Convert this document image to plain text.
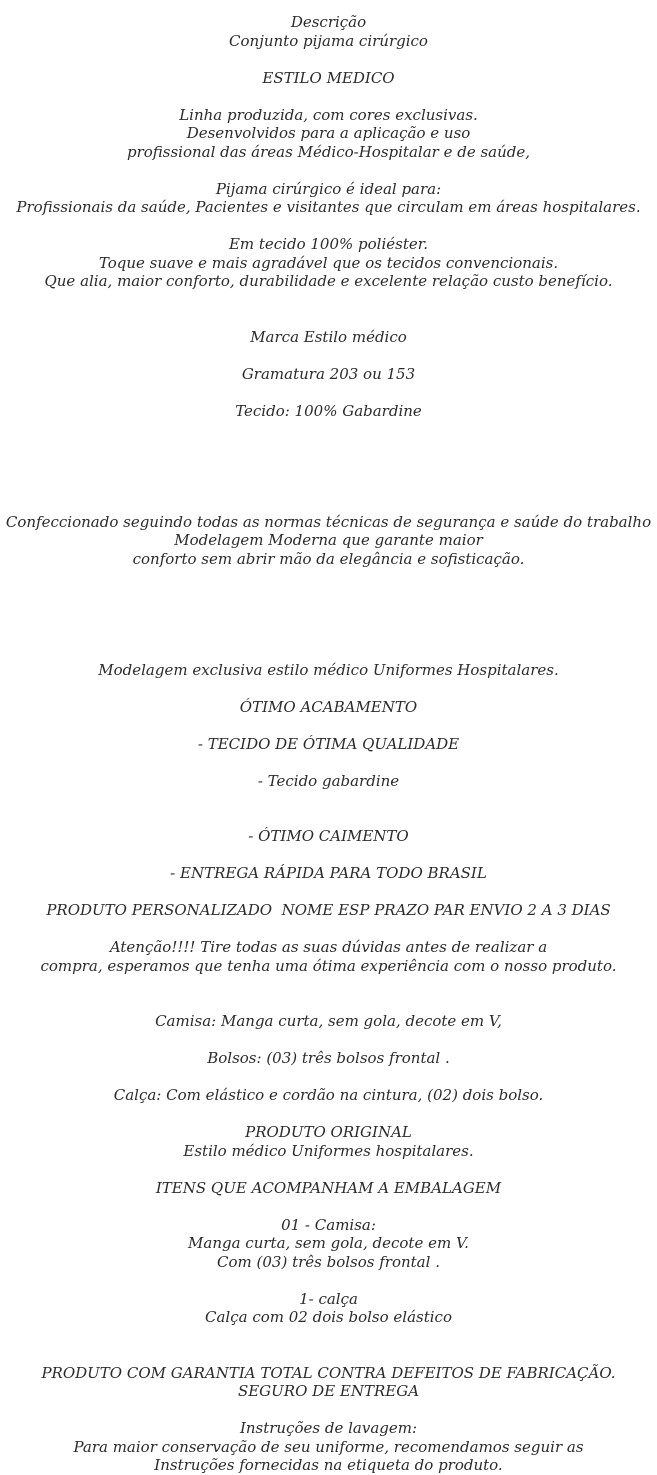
Descrição
Conjunto pijama cirúrgico

ESTILO MEDICO

Linha produzida, com cores exclusivas.
Desenvolvidos para a aplicação e uso
profissional das áreas Médico-Hospitalar e de saúde,

Pijama cirúrgico é ideal para:
Profissionais da saúde, Pacientes e visitantes que circulam em áreas hospitalares.

Em tecido 100% poliéster.
Toque suave e mais agradável que os tecidos convencionais.
Que alia, maior conforto, durabilidade e excelente relação custo benefício.

Marca Estilo médico

Gramatura 203 ou 153

Tecido: 100% Gabardine

Confeccionado seguindo todas as normas técnicas de segurança e saúde do trabalho
Modelagem Moderna que garante maior
conforto sem abrir mão da elegância e sofisticação.

Modelagem exclusiva estilo médico Uniformes Hospitalares.

ÓTIMO ACABAMENTO

- TECIDO DE ÓTIMA QUALIDADE

- Tecido gabardine

- ÓTIMO CAIMENTO

- ENTREGA RÁPIDA PARA TODO BRASIL

PRODUTO PERSONALIZADO  NOME ESP PRAZO PAR ENVIO 2 A 3 DIAS

Atenção!!!! Tire todas as suas dúvidas antes de realizar a
compra, esperamos que tenha uma ótima experiência com o nosso produto.

Camisa: Manga curta, sem gola, decote em V,

Bolsos: (03) três bolsos frontal .

Calça: Com elástico e cordão na cintura, (02) dois bolso.

PRODUTO ORIGINAL
Estilo médico Uniformes hospitalares.

ITENS QUE ACOMPANHAM A EMBALAGEM

01 - Camisa:
Manga curta, sem gola, decote em V.
Com (03) três bolsos frontal .

1- calça
Calça com 02 dois bolso elástico

PRODUTO COM GARANTIA TOTAL CONTRA DEFEITOS DE FABRICAÇÃO.
SEGURO DE ENTREGA

Instruções de lavagem:
Para maior conservação de seu uniforme, recomendamos seguir as
Instruções fornecidas na etiqueta do produto.
